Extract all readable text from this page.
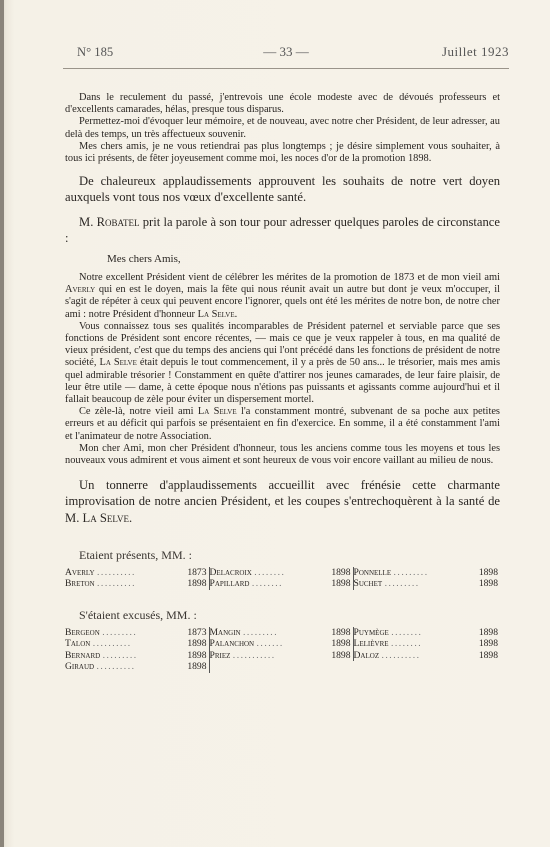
N° 185	— 33 —	Juillet 1923

Dans le reculement du passé, j'entrevois une école modeste avec de dévoués professeurs et d'excellents camarades, hélas, presque tous disparus.

Permettez-moi d'évoquer leur mémoire, et de nouveau, avec notre cher Président, de leur adresser, au delà des temps, un très affectueux souvenir.

Mes chers amis, je ne vous retiendrai pas plus longtemps ; je désire simplement vous souhaiter, à tous ici présents, de fêter joyeusement comme moi, les noces d'or de la promotion 1898.

De chaleureux applaudissements approuvent les souhaits de notre vert doyen auxquels vont tous nos vœux d'excellente santé.

M. Robatel prit la parole à son tour pour adresser quelques paroles de circonstance :

Mes chers Amis,

Notre excellent Président vient de célébrer les mérites de la promotion de 1873 et de mon vieil ami Averly qui en est le doyen, mais la fête qui nous réunit avait un autre but dont je veux m'occuper, il s'agit de répéter à ceux qui peuvent encore l'ignorer, quels ont été les mérites de notre bon, de notre cher ami : notre Président d'honneur La Selve.

Vous connaissez tous ses qualités incomparables de Président paternel et serviable parce que ses fonctions de Président sont encore récentes, — mais ce que je veux rappeler à tous, en ma qualité de vieux président, c'est que du temps des anciens qui l'ont précédé dans les fonctions de président de notre société, La Selve était depuis le tout commencement, il y a près de 50 ans... le trésorier, mais mes amis quel admirable trésorier ! Constamment en quête d'attirer nos jeunes camarades, de leur faire plaisir, de leur être utile — dame, à cette époque nous n'étions pas puissants et agissants comme aujourd'hui et il fallait beaucoup de zèle pour éviter un dispersement mortel.

Ce zèle-là, notre vieil ami La Selve l'a constamment montré, subvenant de sa poche aux petites erreurs et au déficit qui parfois se présentaient en fin d'exercice. En somme, il a été constamment l'ami et l'animateur de notre Association.

Mon cher Ami, mon cher Président d'honneur, tous les anciens comme tous les moyens et tous les nouveaux vous admirent et vous aiment et sont heureux de vous voir encore vaillant au milieu de nous.

Un tonnerre d'applaudissements accueillit avec frénésie cette charmante improvisation de notre ancien Président, et les coupes s'entrechoquèrent à la santé de M. La Selve.

Etaient présents, MM. :
Averly ..........	1873	Delacroix ........	1898	Ponnelle .........	1898
Breton ..........	1898	Papillard ........	1898	Suchet .........	1898
S'étaient excusés, MM. :
Bergeon .........	1873	Mangin .........	1898	Puymège ........	1898
Talon ..........	1898	Palanchon .......	1898	Lelièvre ........	1898
Bernard .........	1898	Priez ...........	1898	Daloz ..........	1898
Giraud ..........	1898				
